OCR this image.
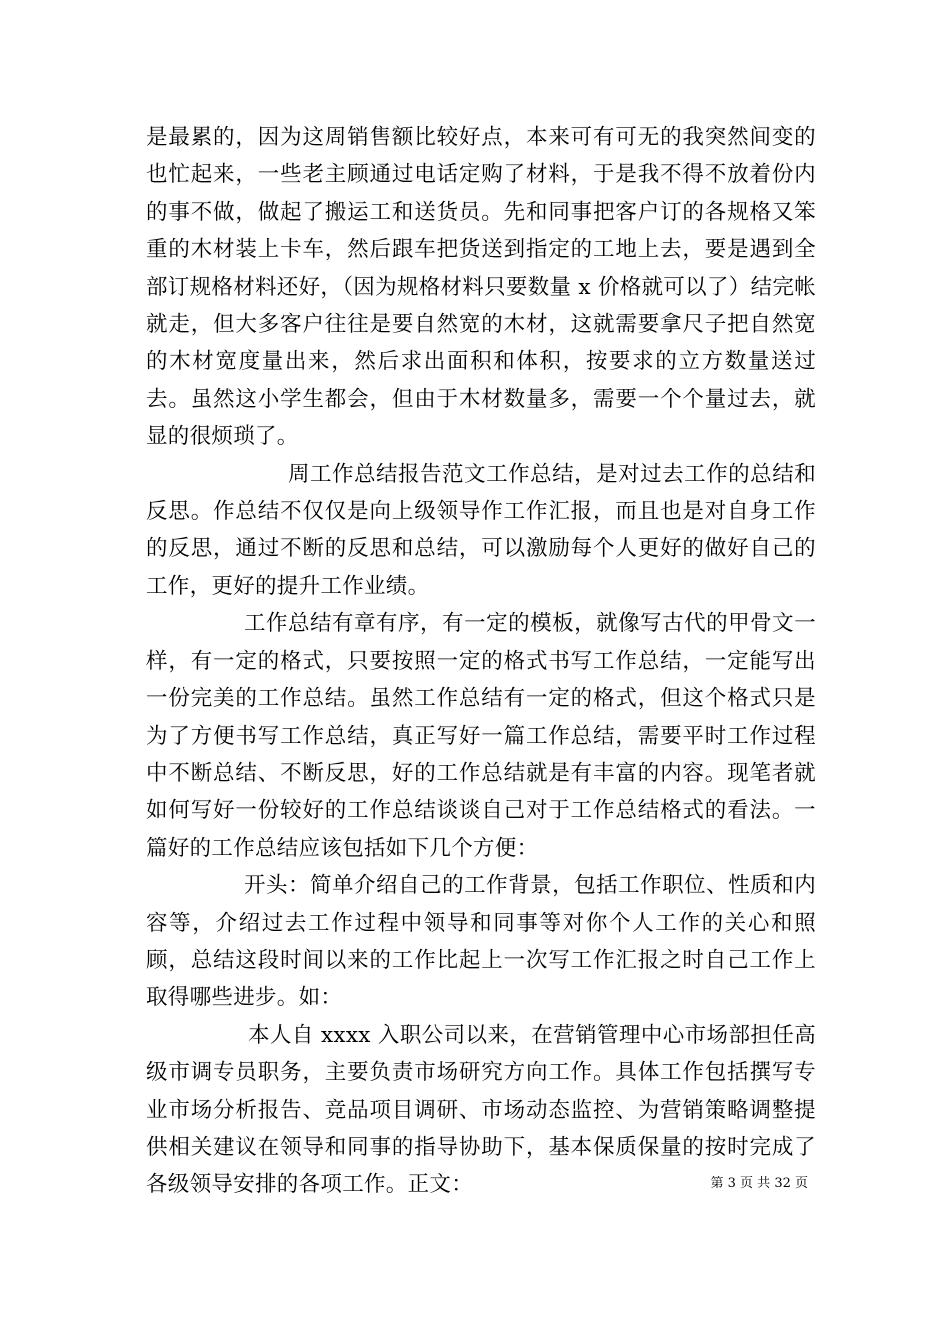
是最累的，因为这周销售额比较好点，本来可有可无的我突然间变的也忙起来，一些老主顾通过电话定购了材料，于是我不得不放着份内的事不做，做起了搬运工和送货员。先和同事把客户订的各规格又笨重的木材装上卡车，然后跟车把货送到指定的工地上去，要是遇到全部订规格材料还好，（因为规格材料只要数量 x 价格就可以了）结完帐就走，但大多客户往往是要自然宽的木材，这就需要拿尺子把自然宽的木材宽度量出来，然后求出面积和体积，按要求的立方数量送过去。虽然这小学生都会，但由于木材数量多，需要一个个量过去，就显的很烦琐了。

周工作总结报告范文工作总结，是对过去工作的总结和反思。作总结不仅仅是向上级领导作工作汇报，而且也是对自身工作的反思，通过不断的反思和总结，可以激励每个人更好的做好自己的工作，更好的提升工作业绩。

工作总结有章有序，有一定的模板，就像写古代的甲骨文一样，有一定的格式，只要按照一定的格式书写工作总结，一定能写出一份完美的工作总结。虽然工作总结有一定的格式，但这个格式只是为了方便书写工作总结，真正写好一篇工作总结，需要平时工作过程中不断总结、不断反思，好的工作总结就是有丰富的内容。现笔者就如何写好一份较好的工作总结谈谈自己对于工作总结格式的看法。一篇好的工作总结应该包括如下几个方便：

开头：简单介绍自己的工作背景，包括工作职位、性质和内容等，介绍过去工作过程中领导和同事等对你个人工作的关心和照顾，总结这段时间以来的工作比起上一次写工作汇报之时自己工作上取得哪些进步。如：

本人自 xxxx 入职公司以来，在营销管理中心市场部担任高级市调专员职务，主要负责市场研究方向工作。具体工作包括撰写专业市场分析报告、竞品项目调研、市场动态监控、为营销策略调整提供相关建议在领导和同事的指导协助下，基本保质保量的按时完成了各级领导安排的各项工作。正文：	第 3 页 共 32 页
